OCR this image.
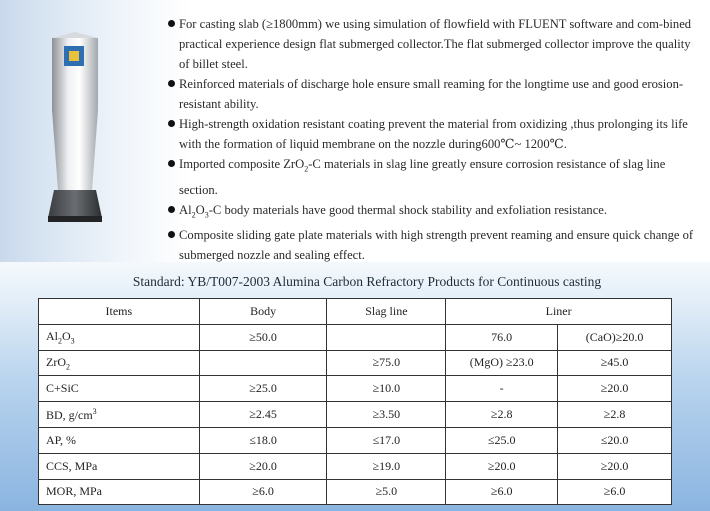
For casting slab (≥1800mm) we using simulation of flowfield with FLUENT software and com-bined practical experience design flat submerged collector.The flat submerged collector improve the quality of billet steel.
Reinforced materials of discharge hole ensure small reaming for the longtime use and good erosion-resistant ability.
High-strength oxidation resistant coating prevent the material from oxidizing ,thus prolonging its life with the formation of liquid membrane on the nozzle during600℃~ 1200℃.
Imported composite ZrO$_2$-C materials in slag line greatly ensure corrosion resistance of slag line section.
$Al_2O_3-C$ body materials have good thermal shock stability and exfoliation resistance.
Composite sliding gate plate materials with high strength prevent reaming and ensure quick change of submerged nozzle and sealing effect.
Standard: YB/T007-2003 Alumina Carbon Refractory Products for Continuous casting
Items	Body	Slag line	Liner	
$Al_2O_3$	≥50.0		76.0	(CaO)≥20.0
ZrO$_2$		≥75.0	(MgO) ≥23.0	≥45.0
C+SiC	≥25.0	≥10.0	-	≥20.0
BD, $g/cm^3$	≥2.45	≥3.50	≥2.8	≥2.8
AP, %	≤18.0	≤17.0	≤25.0	≤20.0
CCS, MPa	≥20.0	≥19.0	≥20.0	≥20.0
MOR, MPa	≥6.0	≥5.0	≥6.0	≥6.0
